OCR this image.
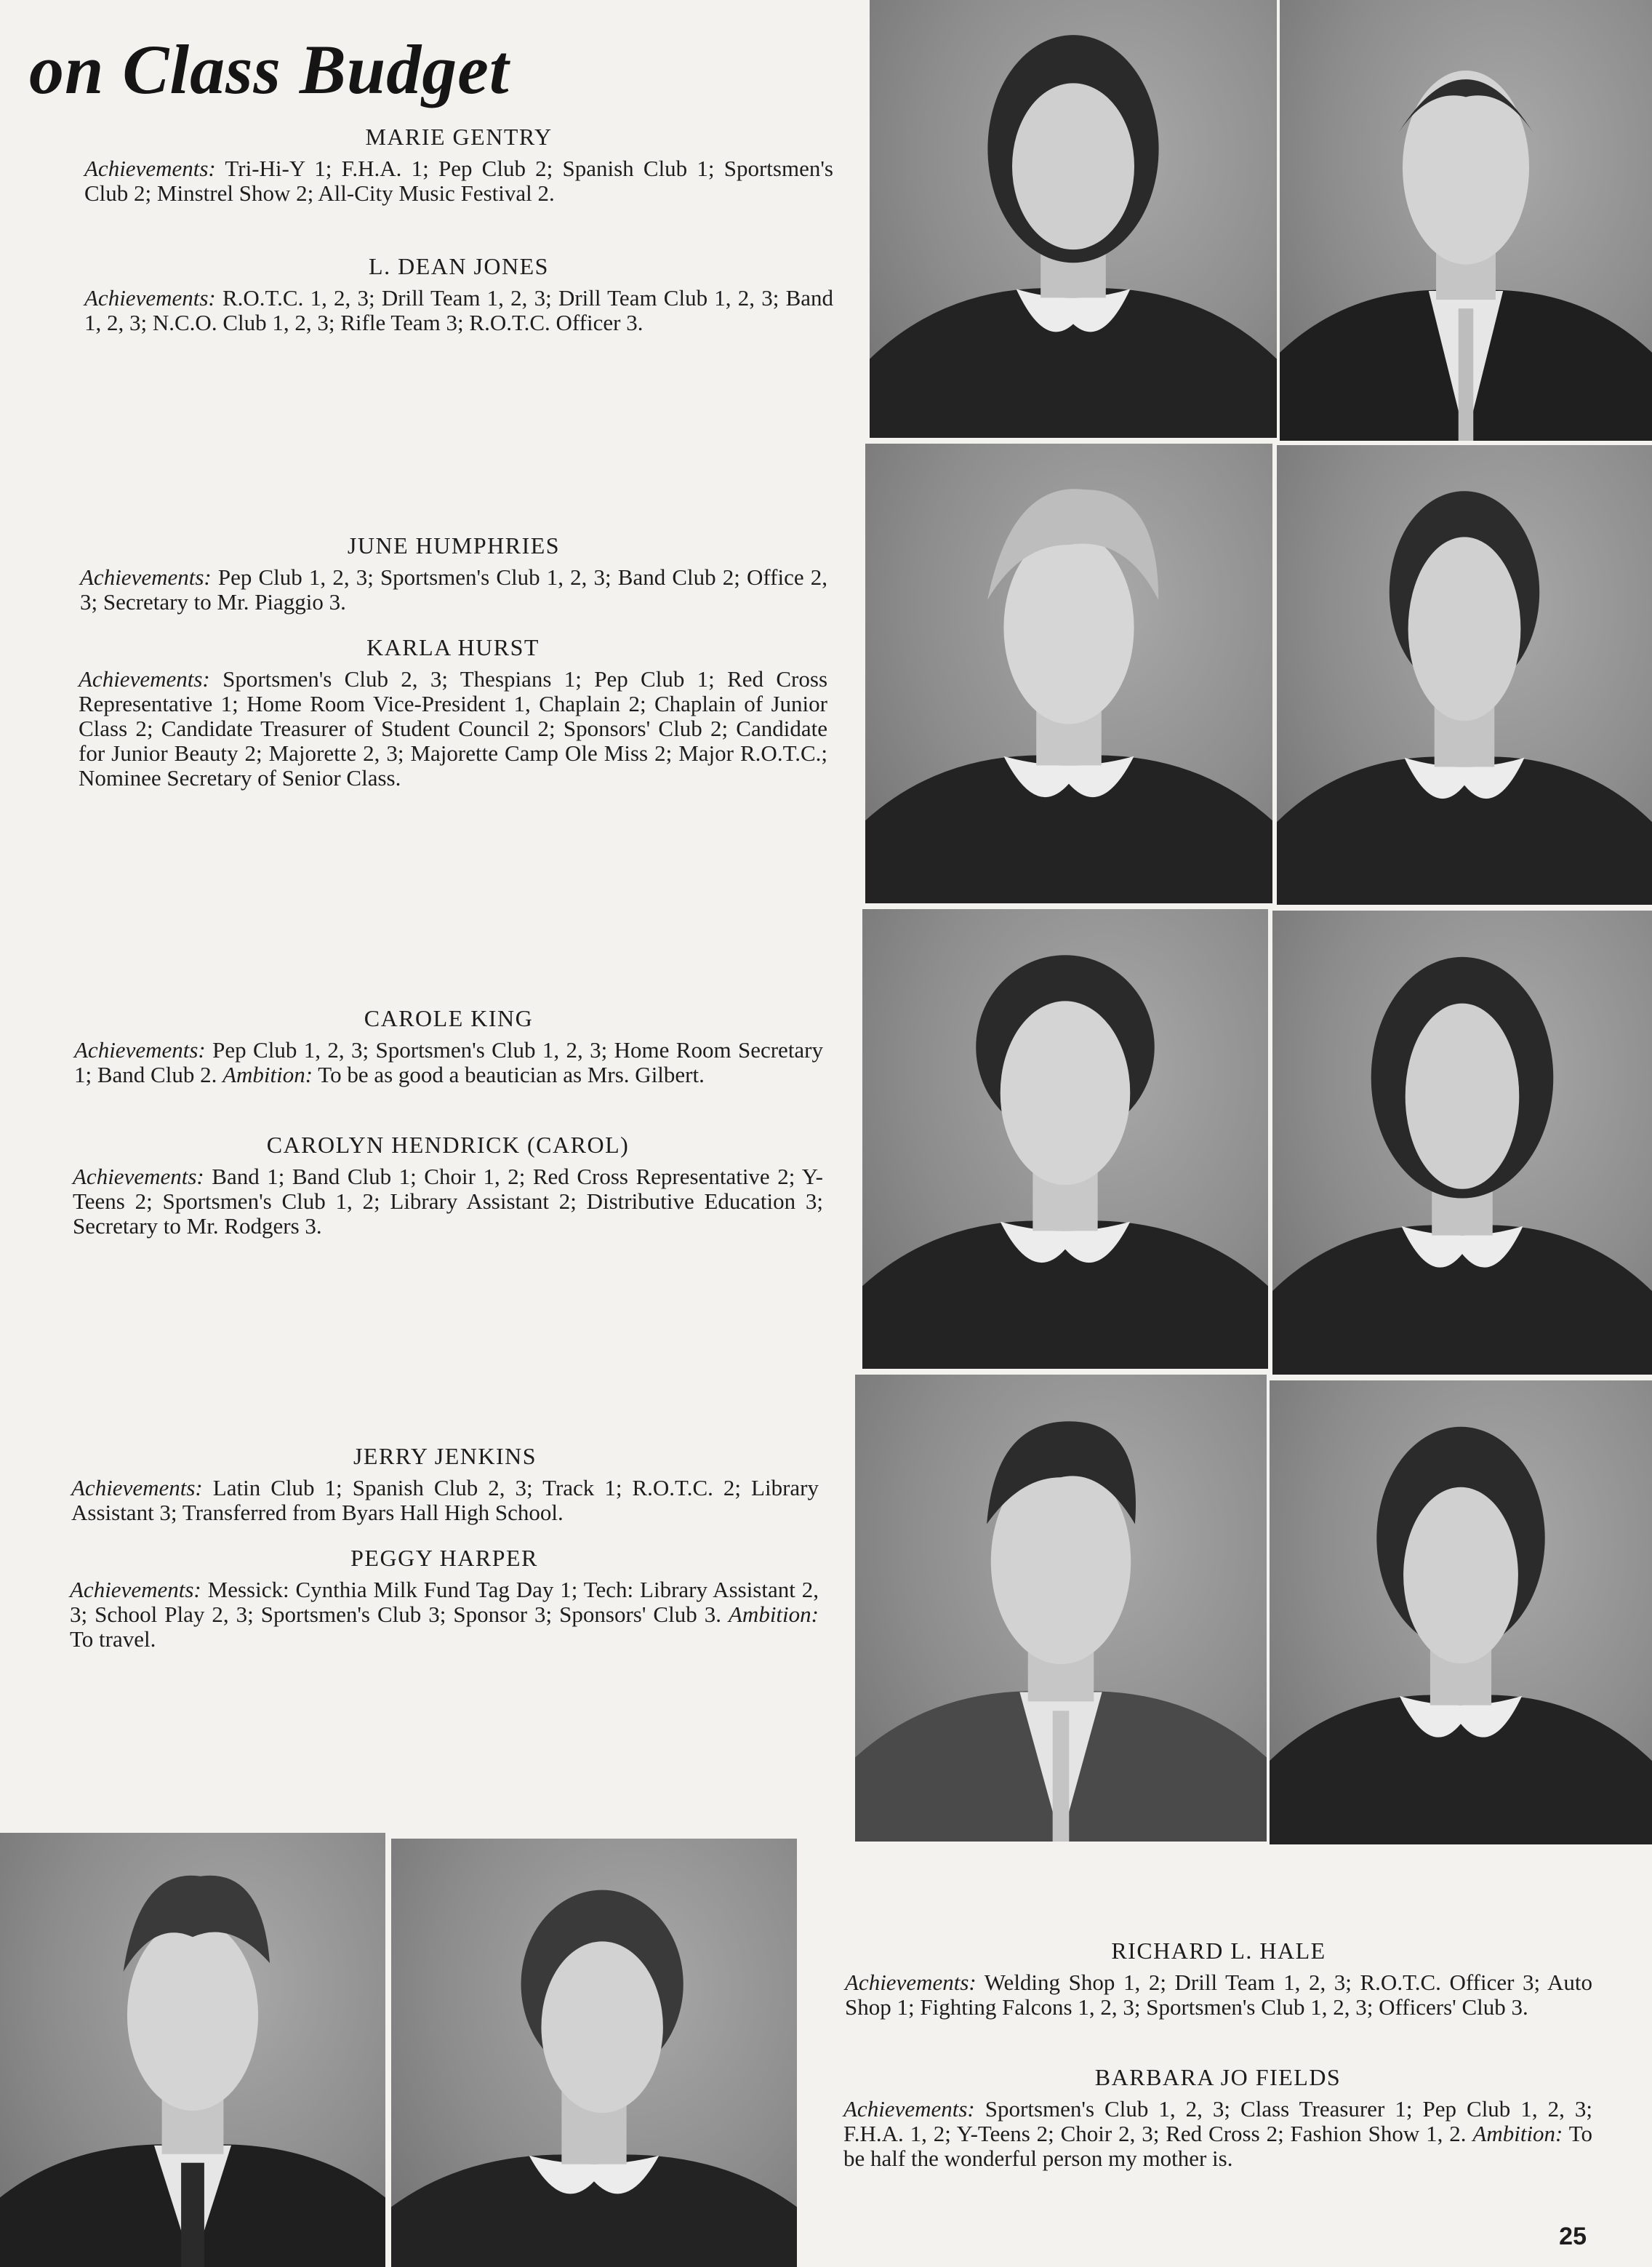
on Class Budget
MARIE GENTRY
Achievements: Tri-Hi-Y 1; F.H.A. 1; Pep Club 2; Spanish Club 1; Sportsmen's Club 2; Minstrel Show 2; All-City Music Festival 2.
L. DEAN JONES
Achievements: R.O.T.C. 1, 2, 3; Drill Team 1, 2, 3; Drill Team Club 1, 2, 3; Band 1, 2, 3; N.C.O. Club 1, 2, 3; Rifle Team 3; R.O.T.C. Officer 3.
JUNE HUMPHRIES
Achievements: Pep Club 1, 2, 3; Sportsmen's Club 1, 2, 3; Band Club 2; Office 2, 3; Secretary to Mr. Piaggio 3.
KARLA HURST
Achievements: Sportsmen's Club 2, 3; Thespians 1; Pep Club 1; Red Cross Representative 1; Home Room Vice-President 1, Chaplain 2; Chaplain of Junior Class 2; Candidate Treasurer of Student Council 2; Sponsors' Club 2; Candidate for Junior Beauty 2; Majorette 2, 3; Majorette Camp Ole Miss 2; Major R.O.T.C.; Nominee Secretary of Senior Class.
CAROLE KING
Achievements: Pep Club 1, 2, 3; Sportsmen's Club 1, 2, 3; Home Room Secretary 1; Band Club 2. Ambition: To be as good a beautician as Mrs. Gilbert.
CAROLYN HENDRICK (CAROL)
Achievements: Band 1; Band Club 1; Choir 1, 2; Red Cross Representative 2; Y-Teens 2; Sportsmen's Club 1, 2; Library Assistant 2; Distributive Education 3; Secretary to Mr. Rodgers 3.
JERRY JENKINS
Achievements: Latin Club 1; Spanish Club 2, 3; Track 1; R.O.T.C. 2; Library Assistant 3; Transferred from Byars Hall High School.
PEGGY HARPER
Achievements: Messick: Cynthia Milk Fund Tag Day 1; Tech: Library Assistant 2, 3; School Play 2, 3; Sportsmen's Club 3; Sponsor 3; Sponsors' Club 3. Ambition: To travel.
RICHARD L. HALE
Achievements: Welding Shop 1, 2; Drill Team 1, 2, 3; R.O.T.C. Officer 3; Auto Shop 1; Fighting Falcons 1, 2, 3; Sportsmen's Club 1, 2, 3; Officers' Club 3.
BARBARA JO FIELDS
Achievements: Sportsmen's Club 1, 2, 3; Class Treasurer 1; Pep Club 1, 2, 3; F.H.A. 1, 2; Y-Teens 2; Choir 2, 3; Red Cross 2; Fashion Show 1, 2. Ambition: To be half the wonderful person my mother is.
25
